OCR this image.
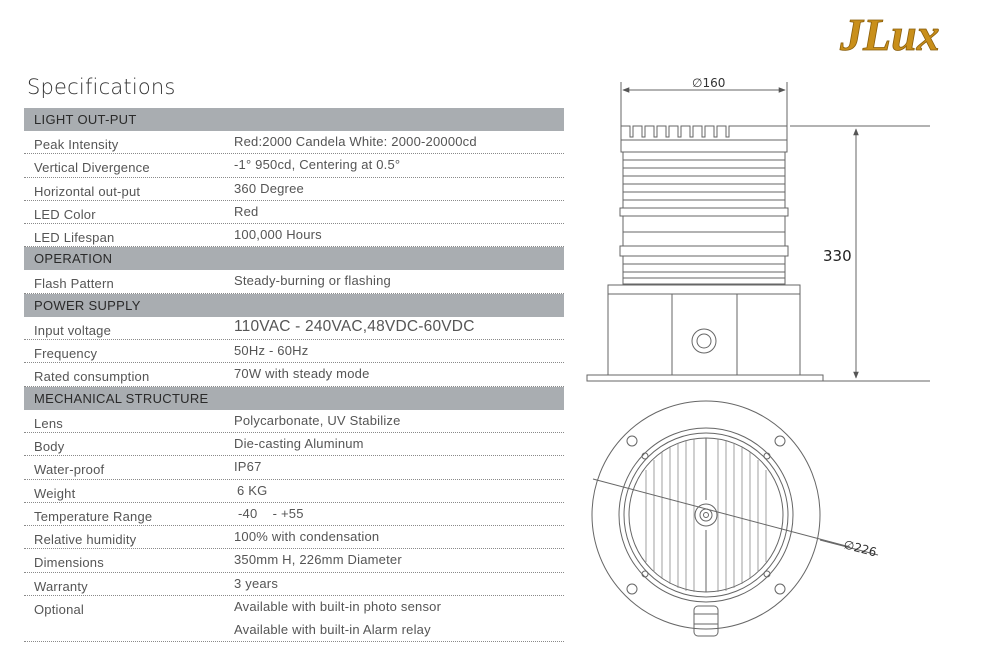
JLux
Specifications
LIGHT OUT-PUT
Peak Intensity	Red:2000 Candela White: 2000-20000cd
Vertical Divergence	-1° 950cd, Centering at 0.5°
Horizontal out-put	360 Degree
LED Color	Red
LED Lifespan	100,000 Hours
OPERATION
Flash Pattern	Steady-burning or flashing
POWER SUPPLY
Input voltage	110VAC - 240VAC,48VDC-60VDC
Frequency	50Hz - 60Hz
Rated consumption	70W with steady mode
MECHANICAL STRUCTURE
Lens	Polycarbonate, UV Stabilize
Body	Die-casting Aluminum
Water-proof	IP67
Weight	6 KG
Temperature Range	-40    - +55
Relative humidity	100% with condensation
Dimensions	350mm H, 226mm Diameter
Warranty	3 years
Optional	Available with built-in photo sensor
Available with built-in Alarm relay
∅160
330
∅226
